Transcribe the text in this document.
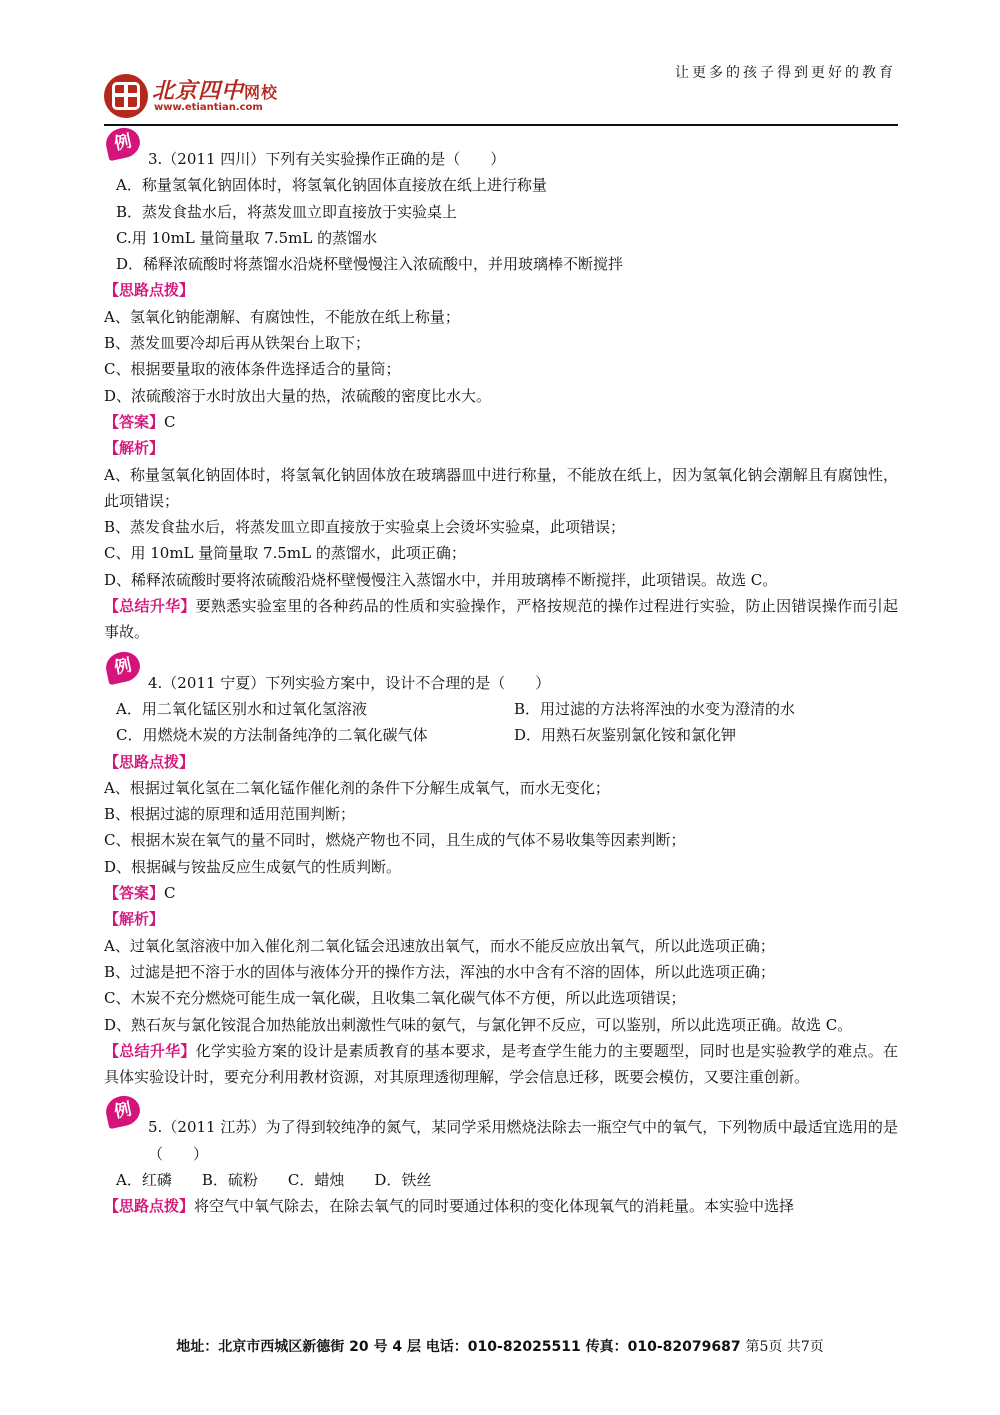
让更多的孩子得到更好的教育
北京四中网校
www.etiantian.com
例
3.（2011 四川）下列有关实验操作正确的是（　　）
A．称量氢氧化钠固体时，将氢氧化钠固体直接放在纸上进行称量
B．蒸发食盐水后，将蒸发皿立即直接放于实验桌上
C.用 10mL 量筒量取 7.5mL 的蒸馏水
D．稀释浓硫酸时将蒸馏水沿烧杯壁慢慢注入浓硫酸中，并用玻璃棒不断搅拌
【思路点拨】
A、氢氧化钠能潮解、有腐蚀性，不能放在纸上称量；
B、蒸发皿要冷却后再从铁架台上取下；
C、根据要量取的液体条件选择适合的量筒；
D、浓硫酸溶于水时放出大量的热，浓硫酸的密度比水大。
【答案】C
【解析】
A、称量氢氧化钠固体时，将氢氧化钠固体放在玻璃器皿中进行称量，不能放在纸上，因为氢氧化钠会潮解且有腐蚀性，此项错误；
B、蒸发食盐水后，将蒸发皿立即直接放于实验桌上会烫坏实验桌，此项错误；
C、用 10mL 量筒量取 7.5mL 的蒸馏水，此项正确；
D、稀释浓硫酸时要将浓硫酸沿烧杯壁慢慢注入蒸馏水中，并用玻璃棒不断搅拌，此项错误。故选 C。
【总结升华】要熟悉实验室里的各种药品的性质和实验操作，严格按规范的操作过程进行实验，防止因错误操作而引起事故。
例
4.（2011 宁夏）下列实验方案中，设计不合理的是（　　）
A．用二氧化锰区别水和过氧化氢溶液	B．用过滤的方法将浑浊的水变为澄清的水
C．用燃烧木炭的方法制备纯净的二氧化碳气体	D．用熟石灰鉴别氯化铵和氯化钾
【思路点拨】
A、根据过氧化氢在二氧化锰作催化剂的条件下分解生成氧气，而水无变化；
B、根据过滤的原理和适用范围判断；
C、根据木炭在氧气的量不同时，燃烧产物也不同，且生成的气体不易收集等因素判断；
D、根据碱与铵盐反应生成氨气的性质判断。
【答案】C
【解析】
A、过氧化氢溶液中加入催化剂二氧化锰会迅速放出氧气，而水不能反应放出氧气，所以此选项正确；
B、过滤是把不溶于水的固体与液体分开的操作方法，浑浊的水中含有不溶的固体，所以此选项正确；
C、木炭不充分燃烧可能生成一氧化碳，且收集二氧化碳气体不方便，所以此选项错误；
D、熟石灰与氯化铵混合加热能放出刺激性气味的氨气，与氯化钾不反应，可以鉴别，所以此选项正确。故选 C。
【总结升华】化学实验方案的设计是素质教育的基本要求，是考查学生能力的主要题型，同时也是实验教学的难点。在具体实验设计时，要充分利用教材资源，对其原理透彻理解，学会信息迁移，既要会模仿，又要注重创新。
例
5.（2011 江苏）为了得到较纯净的氮气，某同学采用燃烧法除去一瓶空气中的氧气，下列物质中最适宜选用的是（　　）
A．红磷 B．硫粉 C．蜡烛 D．铁丝
【思路点拨】将空气中氧气除去，在除去氧气的同时要通过体积的变化体现氧气的消耗量。本实验中选择
地址：北京市西城区新德街 20 号 4 层 电话：010-82025511 传真：010-82079687 第5页 共7页
